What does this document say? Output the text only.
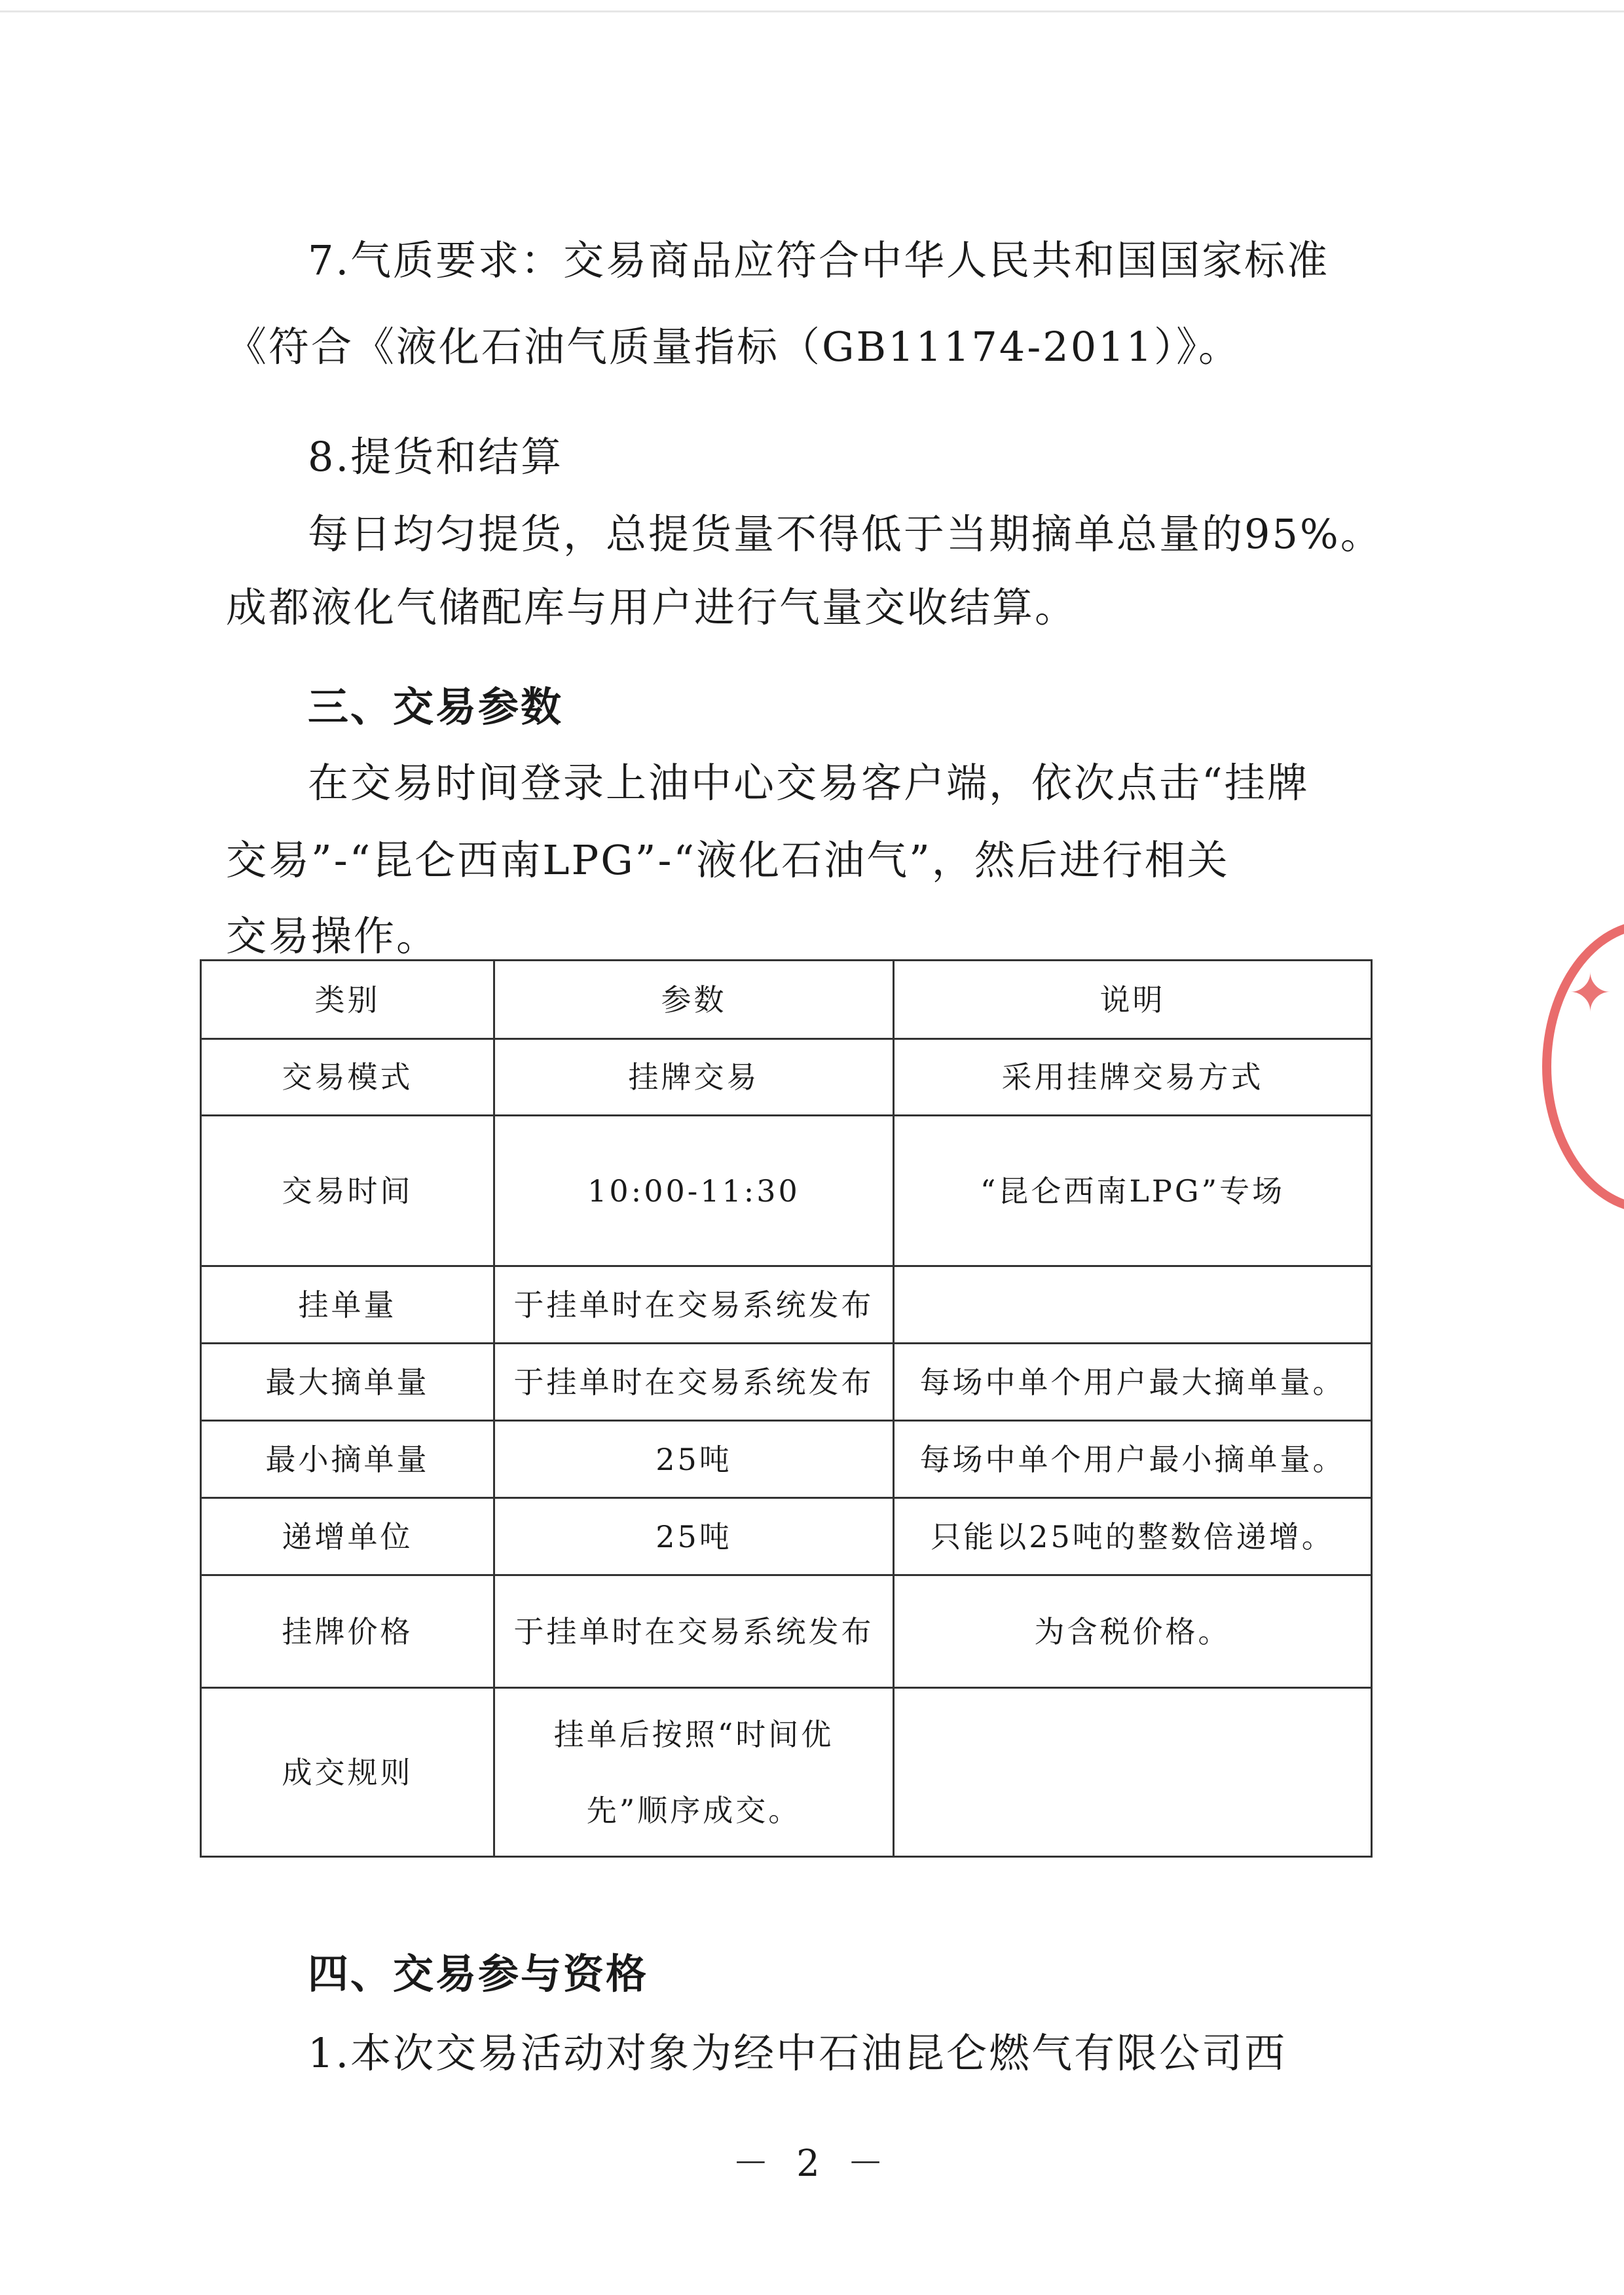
7.气质要求：交易商品应符合中华人民共和国国家标准

《符合《液化石油气质量指标（GB11174-2011）》。

8.提货和结算

每日均匀提货，总提货量不得低于当期摘单总量的95%。

成都液化气储配库与用户进行气量交收结算。

三、交易参数

在交易时间登录上油中心交易客户端，依次点击“挂牌

交易”-“昆仑西南LPG”-“液化石油气”，然后进行相关

交易操作。

类别	参数	说明
交易模式	挂牌交易	采用挂牌交易方式
交易时间	10:00-11:30	“昆仑西南LPG”专场
挂单量	于挂单时在交易系统发布	
最大摘单量	于挂单时在交易系统发布	每场中单个用户最大摘单量。
最小摘单量	25吨	每场中单个用户最小摘单量。
递增单位	25吨	只能以25吨的整数倍递增。
挂牌价格	于挂单时在交易系统发布	为含税价格。
成交规则	挂单后按照“时间优先”顺序成交。	

四、交易参与资格

1.本次交易活动对象为经中石油昆仑燃气有限公司西

－ 2 －
✦
